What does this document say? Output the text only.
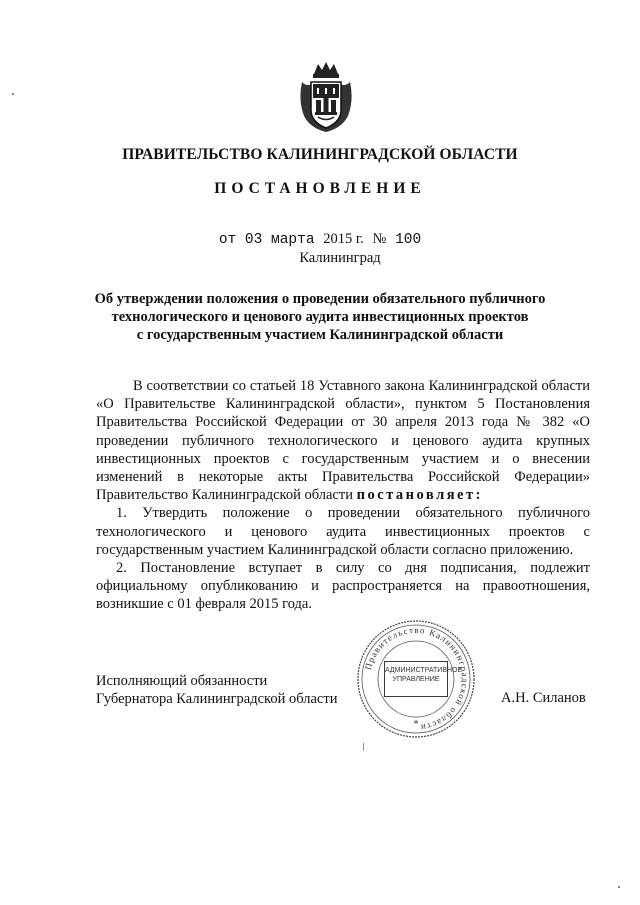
ПРАВИТЕЛЬСТВО КАЛИНИНГРАДСКОЙ ОБЛАСТИ
ПОСТАНОВЛЕНИЕ
от 03 марта 2015 г. № 100
Калининград
Об утверждении положения о проведении обязательного публичного
технологического и ценового аудита инвестиционных проектов
с государственным участием Калининградской области

В соответствии со статьей 18 Уставного закона Калининградской области «О Правительстве Калининградской области», пунктом 5 Постановления Правительства Российской Федерации от 30 апреля 2013 года № 382 «О проведении публичного технологического и ценового аудита крупных инвестиционных проектов с государственным участием и о внесении изменений в некоторые акты Правительства Российской Федерации» Правительство Калининградской области постановляет:

1. Утвердить положение о проведении обязательного публичного технологического и ценового аудита инвестиционных проектов с государственным участием Калининградской области согласно приложению.

2. Постановление вступает в силу со дня подписания, подлежит официальному опубликованию и распространяется на правоотношения, возникшие с 01 февраля 2015 года.

Исполняющий обязанности
Губернатора Калининградской области
Правительство Калининградской области
*
АДМИНИСТРАТИВНОЕ
УПРАВЛЕНИЕ
А.Н. Силанов
